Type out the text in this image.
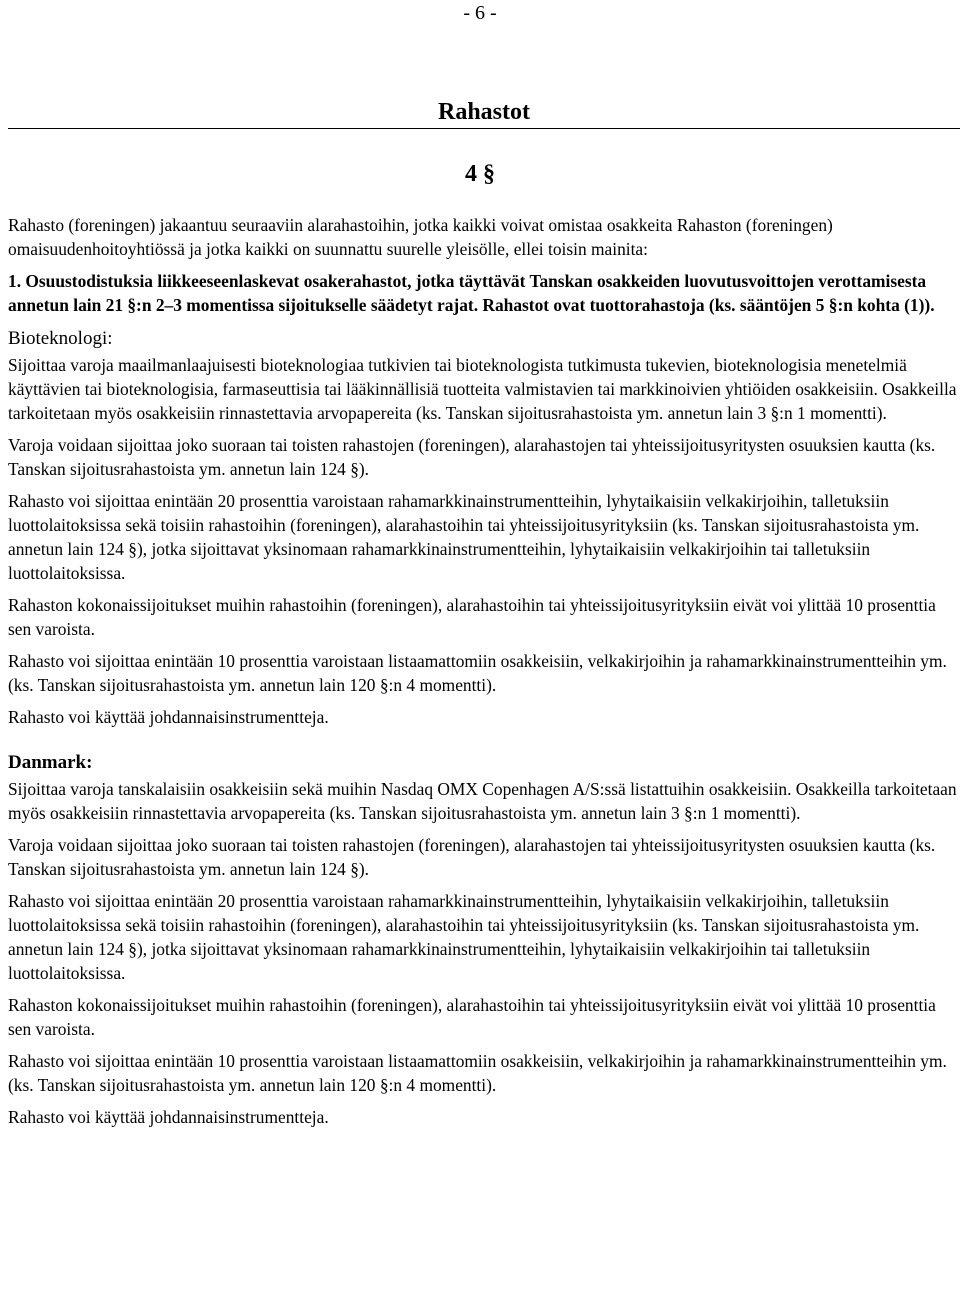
- 6 -
Rahastot
4 §

Rahasto (foreningen) jakaantuu seuraaviin alarahastoihin, jotka kaikki voivat omistaa osakkeita Rahaston (foreningen) omaisuudenhoitoyhtiössä ja jotka kaikki on suunnattu suurelle yleisölle, ellei toisin mainita:

1. Osuustodistuksia liikkeeseenlaskevat osakerahastot, jotka täyttävät Tanskan osakkeiden luovutusvoittojen verottamisesta annetun lain 21 §:n 2–3 momentissa sijoitukselle säädetyt rajat. Rahastot ovat tuottorahastoja (ks. sääntöjen 5 §:n kohta (1)).

Bioteknologi:

Sijoittaa varoja maailmanlaajuisesti bioteknologiaa tutkivien tai bioteknologista tutkimusta tukevien, bioteknologisia menetelmiä käyttävien tai bioteknologisia, farmaseuttisia tai lääkinnällisiä tuotteita valmistavien tai markkinoivien yhtiöiden osakkeisiin. Osakkeilla tarkoitetaan myös osakkeisiin rinnastettavia arvopapereita (ks. Tanskan sijoitusrahastoista ym. annetun lain 3 §:n 1 momentti).

Varoja voidaan sijoittaa joko suoraan tai toisten rahastojen (foreningen), alarahastojen tai yhteissijoitusyritysten osuuksien kautta (ks. Tanskan sijoitusrahastoista ym. annetun lain 124 §).

Rahasto voi sijoittaa enintään 20 prosenttia varoistaan rahamarkkinainstrumentteihin, lyhytaikaisiin velkakirjoihin, talletuksiin luottolaitoksissa sekä toisiin rahastoihin (foreningen), alarahastoihin tai yhteissijoitusyrityksiin (ks. Tanskan sijoitusrahastoista ym. annetun lain 124 §), jotka sijoittavat yksinomaan rahamarkkinainstrumentteihin, lyhytaikaisiin velkakirjoihin tai talletuksiin luottolaitoksissa.

Rahaston kokonaissijoitukset muihin rahastoihin (foreningen), alarahastoihin tai yhteissijoitusyrityksiin eivät voi ylittää 10 prosenttia sen varoista.

Rahasto voi sijoittaa enintään 10 prosenttia varoistaan listaamattomiin osakkeisiin, velkakirjoihin ja rahamarkkinainstrumentteihin ym. (ks. Tanskan sijoitusrahastoista ym. annetun lain 120 §:n 4 momentti).

Rahasto voi käyttää johdannaisinstrumentteja.

Danmark:

Sijoittaa varoja tanskalaisiin osakkeisiin sekä muihin Nasdaq OMX Copenhagen A/S:ssä listattuihin osakkeisiin. Osakkeilla tarkoitetaan myös osakkeisiin rinnastettavia arvopapereita (ks. Tanskan sijoitusrahastoista ym. annetun lain 3 §:n 1 momentti).

Varoja voidaan sijoittaa joko suoraan tai toisten rahastojen (foreningen), alarahastojen tai yhteissijoitusyritysten osuuksien kautta (ks. Tanskan sijoitusrahastoista ym. annetun lain 124 §).

Rahasto voi sijoittaa enintään 20 prosenttia varoistaan rahamarkkinainstrumentteihin, lyhytaikaisiin velkakirjoihin, talletuksiin luottolaitoksissa sekä toisiin rahastoihin (foreningen), alarahastoihin tai yhteissijoitusyrityksiin (ks. Tanskan sijoitusrahastoista ym. annetun lain 124 §), jotka sijoittavat yksinomaan rahamarkkinainstrumentteihin, lyhytaikaisiin velkakirjoihin tai talletuksiin luottolaitoksissa.

Rahaston kokonaissijoitukset muihin rahastoihin (foreningen), alarahastoihin tai yhteissijoitusyrityksiin eivät voi ylittää 10 prosenttia sen varoista.

Rahasto voi sijoittaa enintään 10 prosenttia varoistaan listaamattomiin osakkeisiin, velkakirjoihin ja rahamarkkinainstrumentteihin ym. (ks. Tanskan sijoitusrahastoista ym. annetun lain 120 §:n 4 momentti).

Rahasto voi käyttää johdannaisinstrumentteja.
